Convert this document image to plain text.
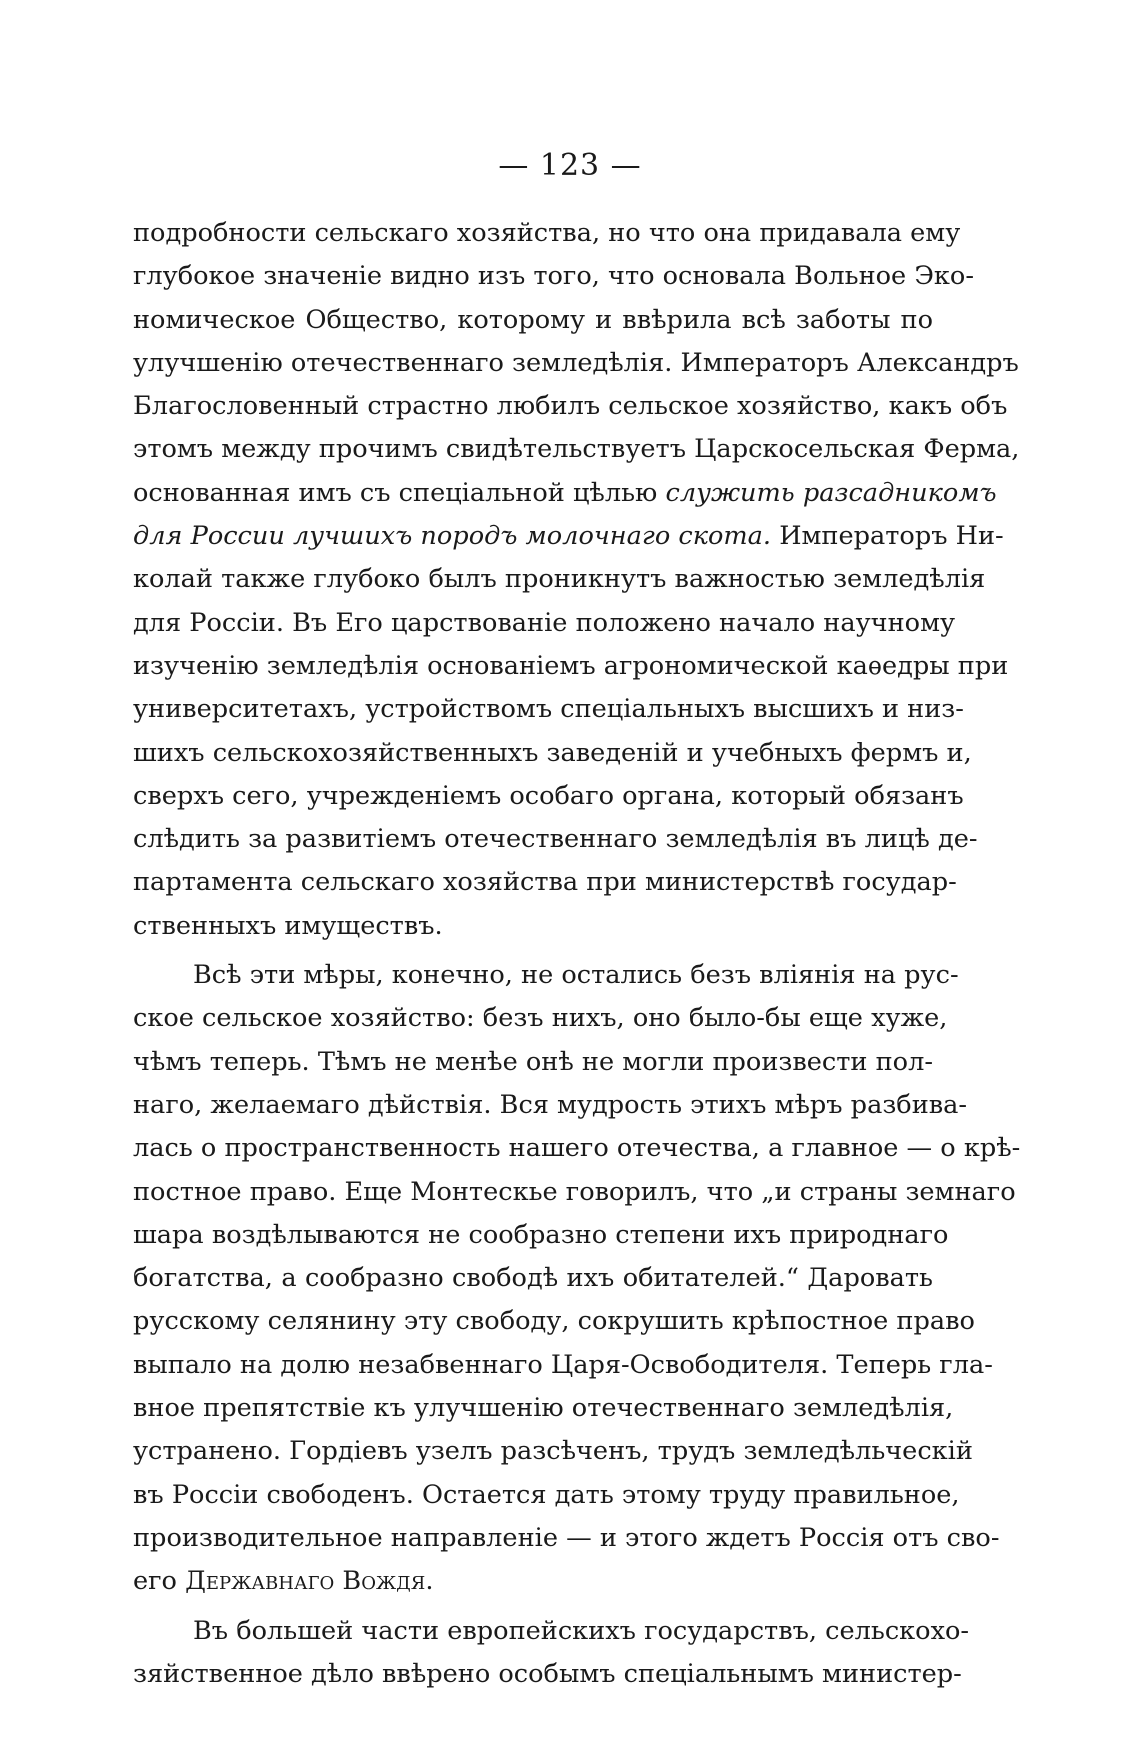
— 123 —
подробности сельскаго хозяйства, но что она придавала ему
глубокое значеніе видно изъ того, что основала Вольное Эко-
номическое Общество, которому и ввѣрила всѣ заботы по
улучшенію отечественнаго земледѣлія. Императоръ Александръ
Благословенный страстно любилъ сельское хозяйство, какъ объ
этомъ между прочимъ свидѣтельствуетъ Царскосельская Ферма,
основанная имъ съ спеціальной цѣлью служить разсадникомъ
для России лучшихъ породъ молочнаго скота. Императоръ Ни-
колай также глубоко былъ проникнутъ важностью земледѣлія
для Россіи. Въ Его царствованіе положено начало научному
изученію земледѣлія основаніемъ агрономической каѳедры при
университетахъ, устройствомъ спеціальныхъ высшихъ и низ-
шихъ сельскохозяйственныхъ заведеній и учебныхъ фермъ и,
сверхъ сего, учрежденіемъ особаго органа, который обязанъ
слѣдить за развитіемъ отечественнаго земледѣлія въ лицѣ де-
партамента сельскаго хозяйства при министерствѣ государ-
ственныхъ имуществъ.
Всѣ эти мѣры, конечно, не остались безъ вліянія на рус-
ское сельское хозяйство: безъ нихъ, оно было-бы еще хуже,
чѣмъ теперь. Тѣмъ не менѣе онѣ не могли произвести пол-
наго, желаемаго дѣйствія. Вся мудрость этихъ мѣръ разбива-
лась о пространственность нашего отечества, а главное — о крѣ-
постное право. Еще Монтескье говорилъ, что „и страны земнаго
шара воздѣлываются не сообразно степени ихъ природнаго
богатства, а сообразно свободѣ ихъ обитателей.“ Даровать
русскому селянину эту свободу, сокрушить крѣпостное право
выпало на долю незабвеннаго Царя-Освободителя. Теперь гла-
вное препятствіе къ улучшенію отечественнаго земледѣлія,
устранено. Гордіевъ узелъ разсѣченъ, трудъ земледѣльческій
въ Россіи свободенъ. Остается дать этому труду правильное,
производительное направленіе — и этого ждетъ Россія отъ сво-
его Державнаго Вождя.
Въ большей части европейскихъ государствъ, сельскохо-
зяйственное дѣло ввѣрено особымъ спеціальнымъ министер-
